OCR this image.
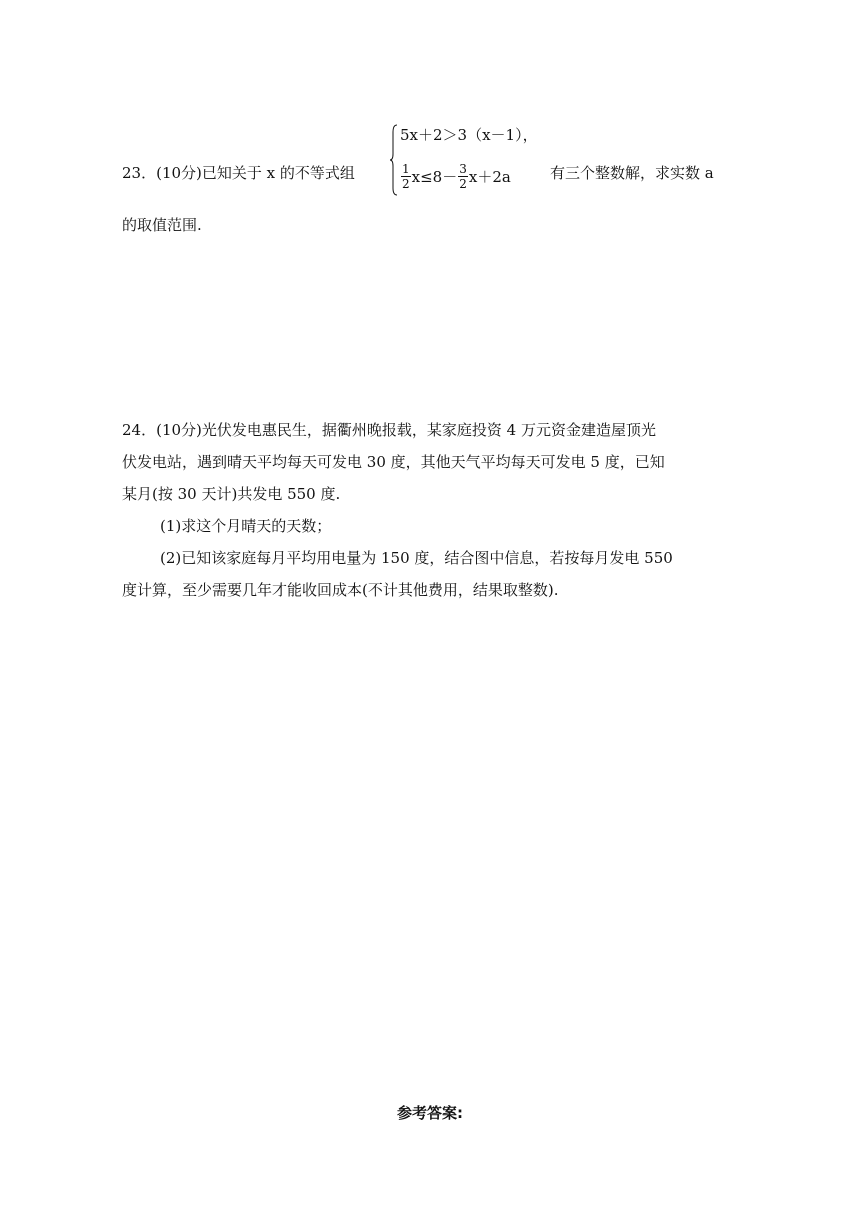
23．(10分)已知关于 x 的不等式组
5x＋2＞3（x－1），
$\frac{1}{2} x\le 8- \frac{3}{2} x+2a$	有三个整数解，求实数 a
的取值范围.

24．(10分)光伏发电惠民生，据衢州晚报载，某家庭投资 4 万元资金建造屋顶光

伏发电站，遇到晴天平均每天可发电 30 度，其他天气平均每天可发电 5 度，已知

某月(按 30 天计)共发电 550 度.

(1)求这个月晴天的天数；

(2)已知该家庭每月平均用电量为 150 度，结合图中信息，若按每月发电 550

度计算，至少需要几年才能收回成本(不计其他费用，结果取整数).

参考答案:
